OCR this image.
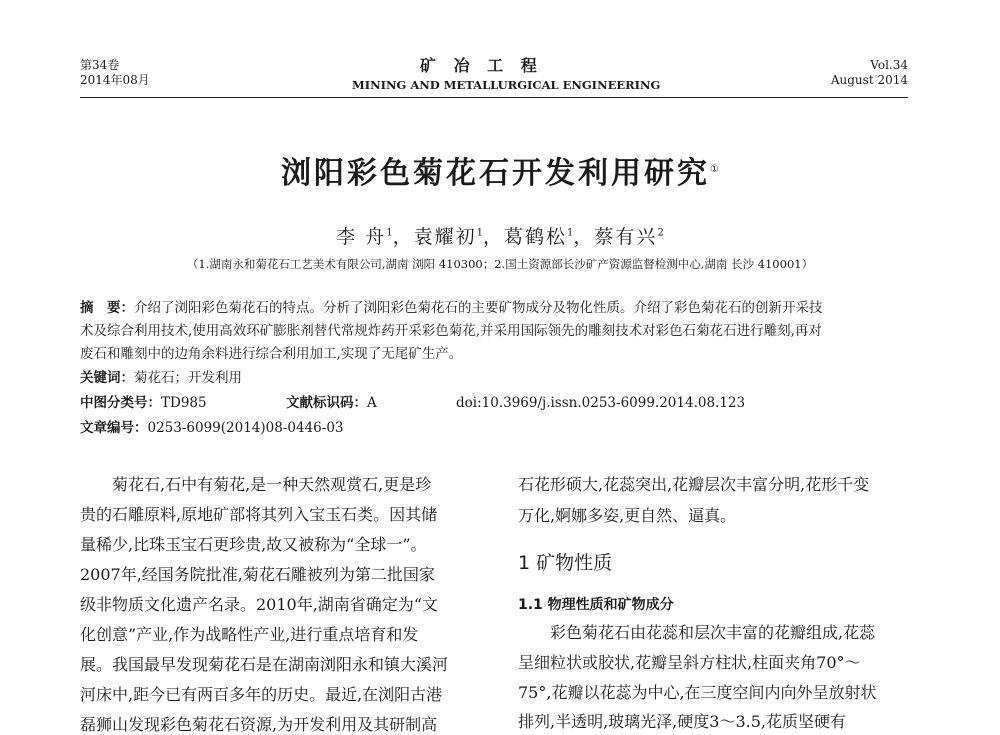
第34卷
2014年08月
矿 冶 工 程
MINING AND METALLURGICAL ENGINEERING
Vol.34
August 2014
浏阳彩色菊花石开发利用研究①
李 舟$^1$，袁耀初$^1$，葛鹤松$^1$，蔡有兴$^2$
（1.湖南永和菊花石工艺美术有限公司,湖南 浏阳 410300；2.国土资源部长沙矿产资源监督检测中心,湖南 长沙 410001）
摘　要：介绍了浏阳彩色菊花石的特点。分析了浏阳彩色菊花石的主要矿物成分及物化性质。介绍了彩色菊花石的创新开采技
术及综合利用技术,使用高效环矿膨胀剂替代常规炸药开采彩色菊花,并采用国际领先的雕刻技术对彩色石菊花石进行雕刻,再对
废石和雕刻中的边角余料进行综合利用加工,实现了无尾矿生产。
关键词：菊花石；开发利用
中图分类号：TD985	文献标识码：A	doi:10.3969/j.issn.0253-6099.2014.08.123
文章编号：0253-6099(2014)08-0446-03
菊花石,石中有菊花,是一种天然观赏石,更是珍
贵的石雕原料,原地矿部将其列入宝玉石类。因其储
量稀少,比珠玉宝石更珍贵,故又被称为“全球一”。
2007年,经国务院批准,菊花石雕被列为第二批国家
级非物质文化遗产名录。2010年,湖南省确定为“文
化创意”产业,作为战略性产业,进行重点培育和发
展。我国最早发现菊花石是在湖南浏阳永和镇大溪河
河床中,距今已有两百多年的历史。最近,在浏阳古港
磊狮山发现彩色菊花石资源,为开发利用及其研制高
石花形硕大,花蕊突出,花瓣层次丰富分明,花形千变
万化,婀娜多姿,更自然、逼真。
1 矿物性质
1.1 物理性质和矿物成分
彩色菊花石由花蕊和层次丰富的花瓣组成,花蕊
呈细粒状或胶状,花瓣呈斜方柱状,柱面夹角70°～
75°,花瓣以花蕊为中心,在三度空间内向外呈放射状
排列,半透明,玻璃光泽,硬度3～3.5,花质坚硬有
